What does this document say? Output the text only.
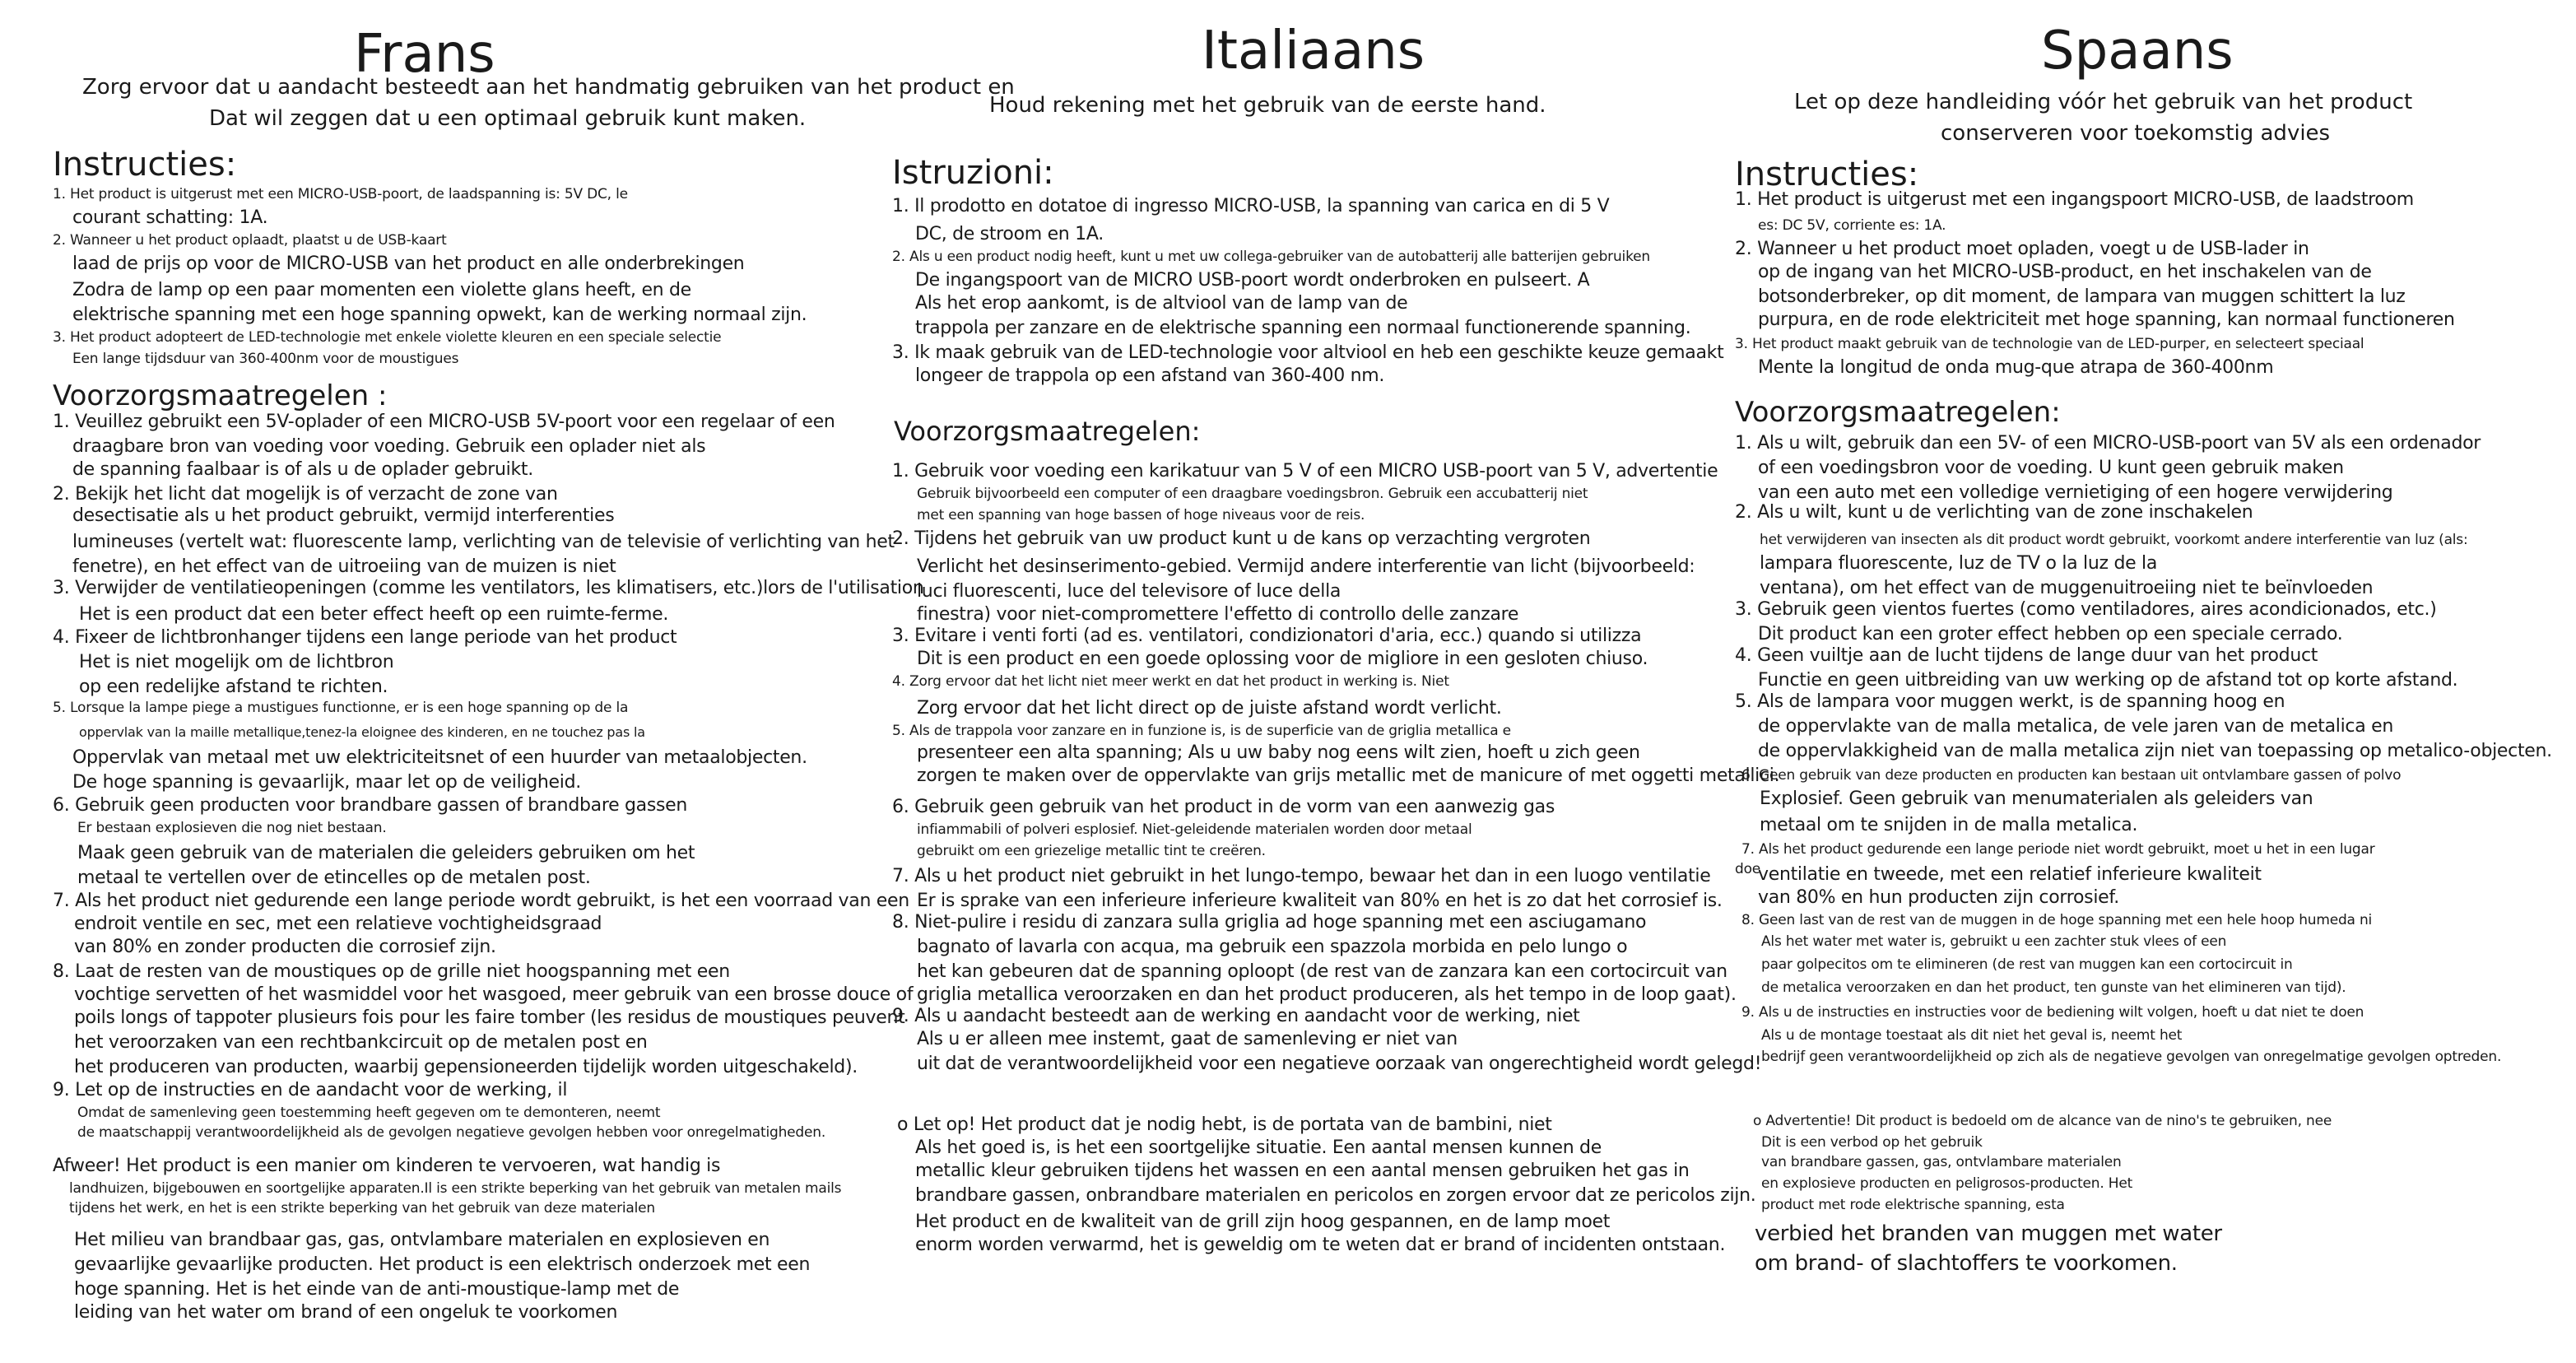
Frans
Zorg ervoor dat u aandacht besteedt aan het handmatig gebruiken van het product en
Dat wil zeggen dat u een optimaal gebruik kunt maken.
Instructies:
1. Het product is uitgerust met een MICRO-USB-poort, de laadspanning is: 5V DC, le
courant schatting: 1A.
2. Wanneer u het product oplaadt, plaatst u de USB-kaart
laad de prijs op voor de MICRO-USB van het product en alle onderbrekingen
Zodra de lamp op een paar momenten een violette glans heeft, en de
elektrische spanning met een hoge spanning opwekt, kan de werking normaal zijn.
3. Het product adopteert de LED-technologie met enkele violette kleuren en een speciale selectie
Een lange tijdsduur van 360-400nm voor de moustigues
Voorzorgsmaatregelen :
1. Veuillez gebruikt een 5V-oplader of een MICRO-USB 5V-poort voor een regelaar of een
draagbare bron van voeding voor voeding. Gebruik een oplader niet als
de spanning faalbaar is of als u de oplader gebruikt.
2. Bekijk het licht dat mogelijk is of verzacht de zone van
desectisatie als u het product gebruikt, vermijd interferenties
lumineuses (vertelt wat: fluorescente lamp, verlichting van de televisie of verlichting van het
fenetre), en het effect van de uitroeiing van de muizen is niet
3. Verwijder de ventilatieopeningen (comme les ventilators, les klimatisers, etc.)lors de l'utilisation
Het is een product dat een beter effect heeft op een ruimte-ferme.
4. Fixeer de lichtbronhanger tijdens een lange periode van het product
Het is niet mogelijk om de lichtbron
op een redelijke afstand te richten.
5. Lorsque la lampe piege a mustigues functionne, er is een hoge spanning op de la
oppervlak van la maille metallique,tenez-la eloignee des kinderen, en ne touchez pas la
Oppervlak van metaal met uw elektriciteitsnet of een huurder van metaalobjecten.
De hoge spanning is gevaarlijk, maar let op de veiligheid.
6. Gebruik geen producten voor brandbare gassen of brandbare gassen
Er bestaan explosieven die nog niet bestaan.
Maak geen gebruik van de materialen die geleiders gebruiken om het
metaal te vertellen over de etincelles op de metalen post.
7. Als het product niet gedurende een lange periode wordt gebruikt, is het een voorraad van een
endroit ventile en sec, met een relatieve vochtigheidsgraad
van 80% en zonder producten die corrosief zijn.
8. Laat de resten van de moustiques op de grille niet hoogspanning met een
vochtige servetten of het wasmiddel voor het wasgoed, meer gebruik van een brosse douce of
poils longs of tappoter plusieurs fois pour les faire tomber (les residus de moustiques peuvent
het veroorzaken van een rechtbankcircuit op de metalen post en
het produceren van producten, waarbij gepensioneerden tijdelijk worden uitgeschakeld).
9. Let op de instructies en de aandacht voor de werking, il
Omdat de samenleving geen toestemming heeft gegeven om te demonteren, neemt
de maatschappij verantwoordelijkheid als de gevolgen negatieve gevolgen hebben voor onregelmatigheden.
Afweer! Het product is een manier om kinderen te vervoeren, wat handig is
landhuizen, bijgebouwen en soortgelijke apparaten.Il is een strikte beperking van het gebruik van metalen mails
tijdens het werk, en het is een strikte beperking van het gebruik van deze materialen
Het milieu van brandbaar gas, gas, ontvlambare materialen en explosieven en
gevaarlijke gevaarlijke producten. Het product is een elektrisch onderzoek met een
hoge spanning. Het is het einde van de anti-moustique-lamp met de
leiding van het water om brand of een ongeluk te voorkomen
Italiaans
Houd rekening met het gebruik van de eerste hand.
Istruzioni:
1. Il prodotto en dotatoe di ingresso MICRO-USB, la spanning van carica en di 5 V
DC, de stroom en 1A.
2. Als u een product nodig heeft, kunt u met uw collega-gebruiker van de autobatterij alle batterijen gebruiken
De ingangspoort van de MICRO USB-poort wordt onderbroken en pulseert. A
Als het erop aankomt, is de altviool van de lamp van de
trappola per zanzare en de elektrische spanning een normaal functionerende spanning.
3. Ik maak gebruik van de LED-technologie voor altviool en heb een geschikte keuze gemaakt
longeer de trappola op een afstand van 360-400 nm.
Voorzorgsmaatregelen:
1. Gebruik voor voeding een karikatuur van 5 V of een MICRO USB-poort van 5 V, advertentie
Gebruik bijvoorbeeld een computer of een draagbare voedingsbron. Gebruik een accubatterij niet
met een spanning van hoge bassen of hoge niveaus voor de reis.
2. Tijdens het gebruik van uw product kunt u de kans op verzachting vergroten
Verlicht het desinserimento-gebied. Vermijd andere interferentie van licht (bijvoorbeeld:
luci fluorescenti, luce del televisore of luce della
finestra) voor niet-compromettere l'effetto di controllo delle zanzare
3. Evitare i venti forti (ad es. ventilatori, condizionatori d'aria, ecc.) quando si utilizza
Dit is een product en een goede oplossing voor de migliore in een gesloten chiuso.
4. Zorg ervoor dat het licht niet meer werkt en dat het product in werking is. Niet
Zorg ervoor dat het licht direct op de juiste afstand wordt verlicht.
5. Als de trappola voor zanzare en in funzione is, is de superficie van de griglia metallica e
presenteer een alta spanning; Als u uw baby nog eens wilt zien, hoeft u zich geen
zorgen te maken over de oppervlakte van grijs metallic met de manicure of met oggetti metallici.
6. Gebruik geen gebruik van het product in de vorm van een aanwezig gas
infiammabili of polveri esplosief. Niet-geleidende materialen worden door metaal
gebruikt om een griezelige metallic tint te creëren.
7. Als u het product niet gebruikt in het lungo-tempo, bewaar het dan in een luogo ventilatie
Er is sprake van een inferieure inferieure kwaliteit van 80% en het is zo dat het corrosief is.
8. Niet-pulire i residu di zanzara sulla griglia ad hoge spanning met een asciugamano
bagnato of lavarla con acqua, ma gebruik een spazzola morbida en pelo lungo o
het kan gebeuren dat de spanning oploopt (de rest van de zanzara kan een cortocircuit van
griglia metallica veroorzaken en dan het product produceren, als het tempo in de loop gaat).
9. Als u aandacht besteedt aan de werking en aandacht voor de werking, niet
Als u er alleen mee instemt, gaat de samenleving er niet van
uit dat de verantwoordelijkheid voor een negatieve oorzaak van ongerechtigheid wordt gelegd!
o Let op! Het product dat je nodig hebt, is de portata van de bambini, niet
Als het goed is, is het een soortgelijke situatie. Een aantal mensen kunnen de
metallic kleur gebruiken tijdens het wassen en een aantal mensen gebruiken het gas in
brandbare gassen, onbrandbare materialen en pericolos en zorgen ervoor dat ze pericolos zijn.
Het product en de kwaliteit van de grill zijn hoog gespannen, en de lamp moet
enorm worden verwarmd, het is geweldig om te weten dat er brand of incidenten ontstaan.
Spaans
Let op deze handleiding vóór het gebruik van het product
conserveren voor toekomstig advies
Instructies:
1. Het product is uitgerust met een ingangspoort MICRO-USB, de laadstroom
es: DC 5V, corriente es: 1A.
2. Wanneer u het product moet opladen, voegt u de USB-lader in
op de ingang van het MICRO-USB-product, en het inschakelen van de
botsonderbreker, op dit moment, de lampara van muggen schittert la luz
purpura, en de rode elektriciteit met hoge spanning, kan normaal functioneren
3. Het product maakt gebruik van de technologie van de LED-purper, en selecteert speciaal
Mente la longitud de onda mug-que atrapa de 360-400nm
Voorzorgsmaatregelen:
1. Als u wilt, gebruik dan een 5V- of een MICRO-USB-poort van 5V als een ordenador
of een voedingsbron voor de voeding. U kunt geen gebruik maken
van een auto met een volledige vernietiging of een hogere verwijdering
2. Als u wilt, kunt u de verlichting van de zone inschakelen
het verwijderen van insecten als dit product wordt gebruikt, voorkomt andere interferentie van luz (als:
lampara fluorescente, luz de TV o la luz de la
ventana), om het effect van de muggenuitroeiing niet te beïnvloeden
3. Gebruik geen vientos fuertes (como ventiladores, aires acondicionados, etc.)
Dit product kan een groter effect hebben op een speciale cerrado.
4. Geen vuiltje aan de lucht tijdens de lange duur van het product
Functie en geen uitbreiding van uw werking op de afstand tot op korte afstand.
5. Als de lampara voor muggen werkt, is de spanning hoog en
de oppervlakte van de malla metalica, de vele jaren van de metalica en
de oppervlakkigheid van de malla metalica zijn niet van toepassing op metalico-objecten.
6. Geen gebruik van deze producten en producten kan bestaan uit ontvlambare gassen of polvo
Explosief. Geen gebruik van menumaterialen als geleiders van
metaal om te snijden in de malla metalica.
7. Als het product gedurende een lange periode niet wordt gebruikt, moet u het in een lugar
doe
ventilatie en tweede, met een relatief inferieure kwaliteit
van 80% en hun producten zijn corrosief.
8. Geen last van de rest van de muggen in de hoge spanning met een hele hoop humeda ni
Als het water met water is, gebruikt u een zachter stuk vlees of een
paar golpecitos om te elimineren (de rest van muggen kan een cortocircuit in
de metalica veroorzaken en dan het product, ten gunste van het elimineren van tijd).
9. Als u de instructies en instructies voor de bediening wilt volgen, hoeft u dat niet te doen
Als u de montage toestaat als dit niet het geval is, neemt het
bedrijf geen verantwoordelijkheid op zich als de negatieve gevolgen van onregelmatige gevolgen optreden.
o Advertentie! Dit product is bedoeld om de alcance van de nino's te gebruiken, nee
Dit is een verbod op het gebruik
van brandbare gassen, gas, ontvlambare materialen
en explosieve producten en peligrosos-producten. Het
product met rode elektrische spanning, esta
verbied het branden van muggen met water
om brand- of slachtoffers te voorkomen.
